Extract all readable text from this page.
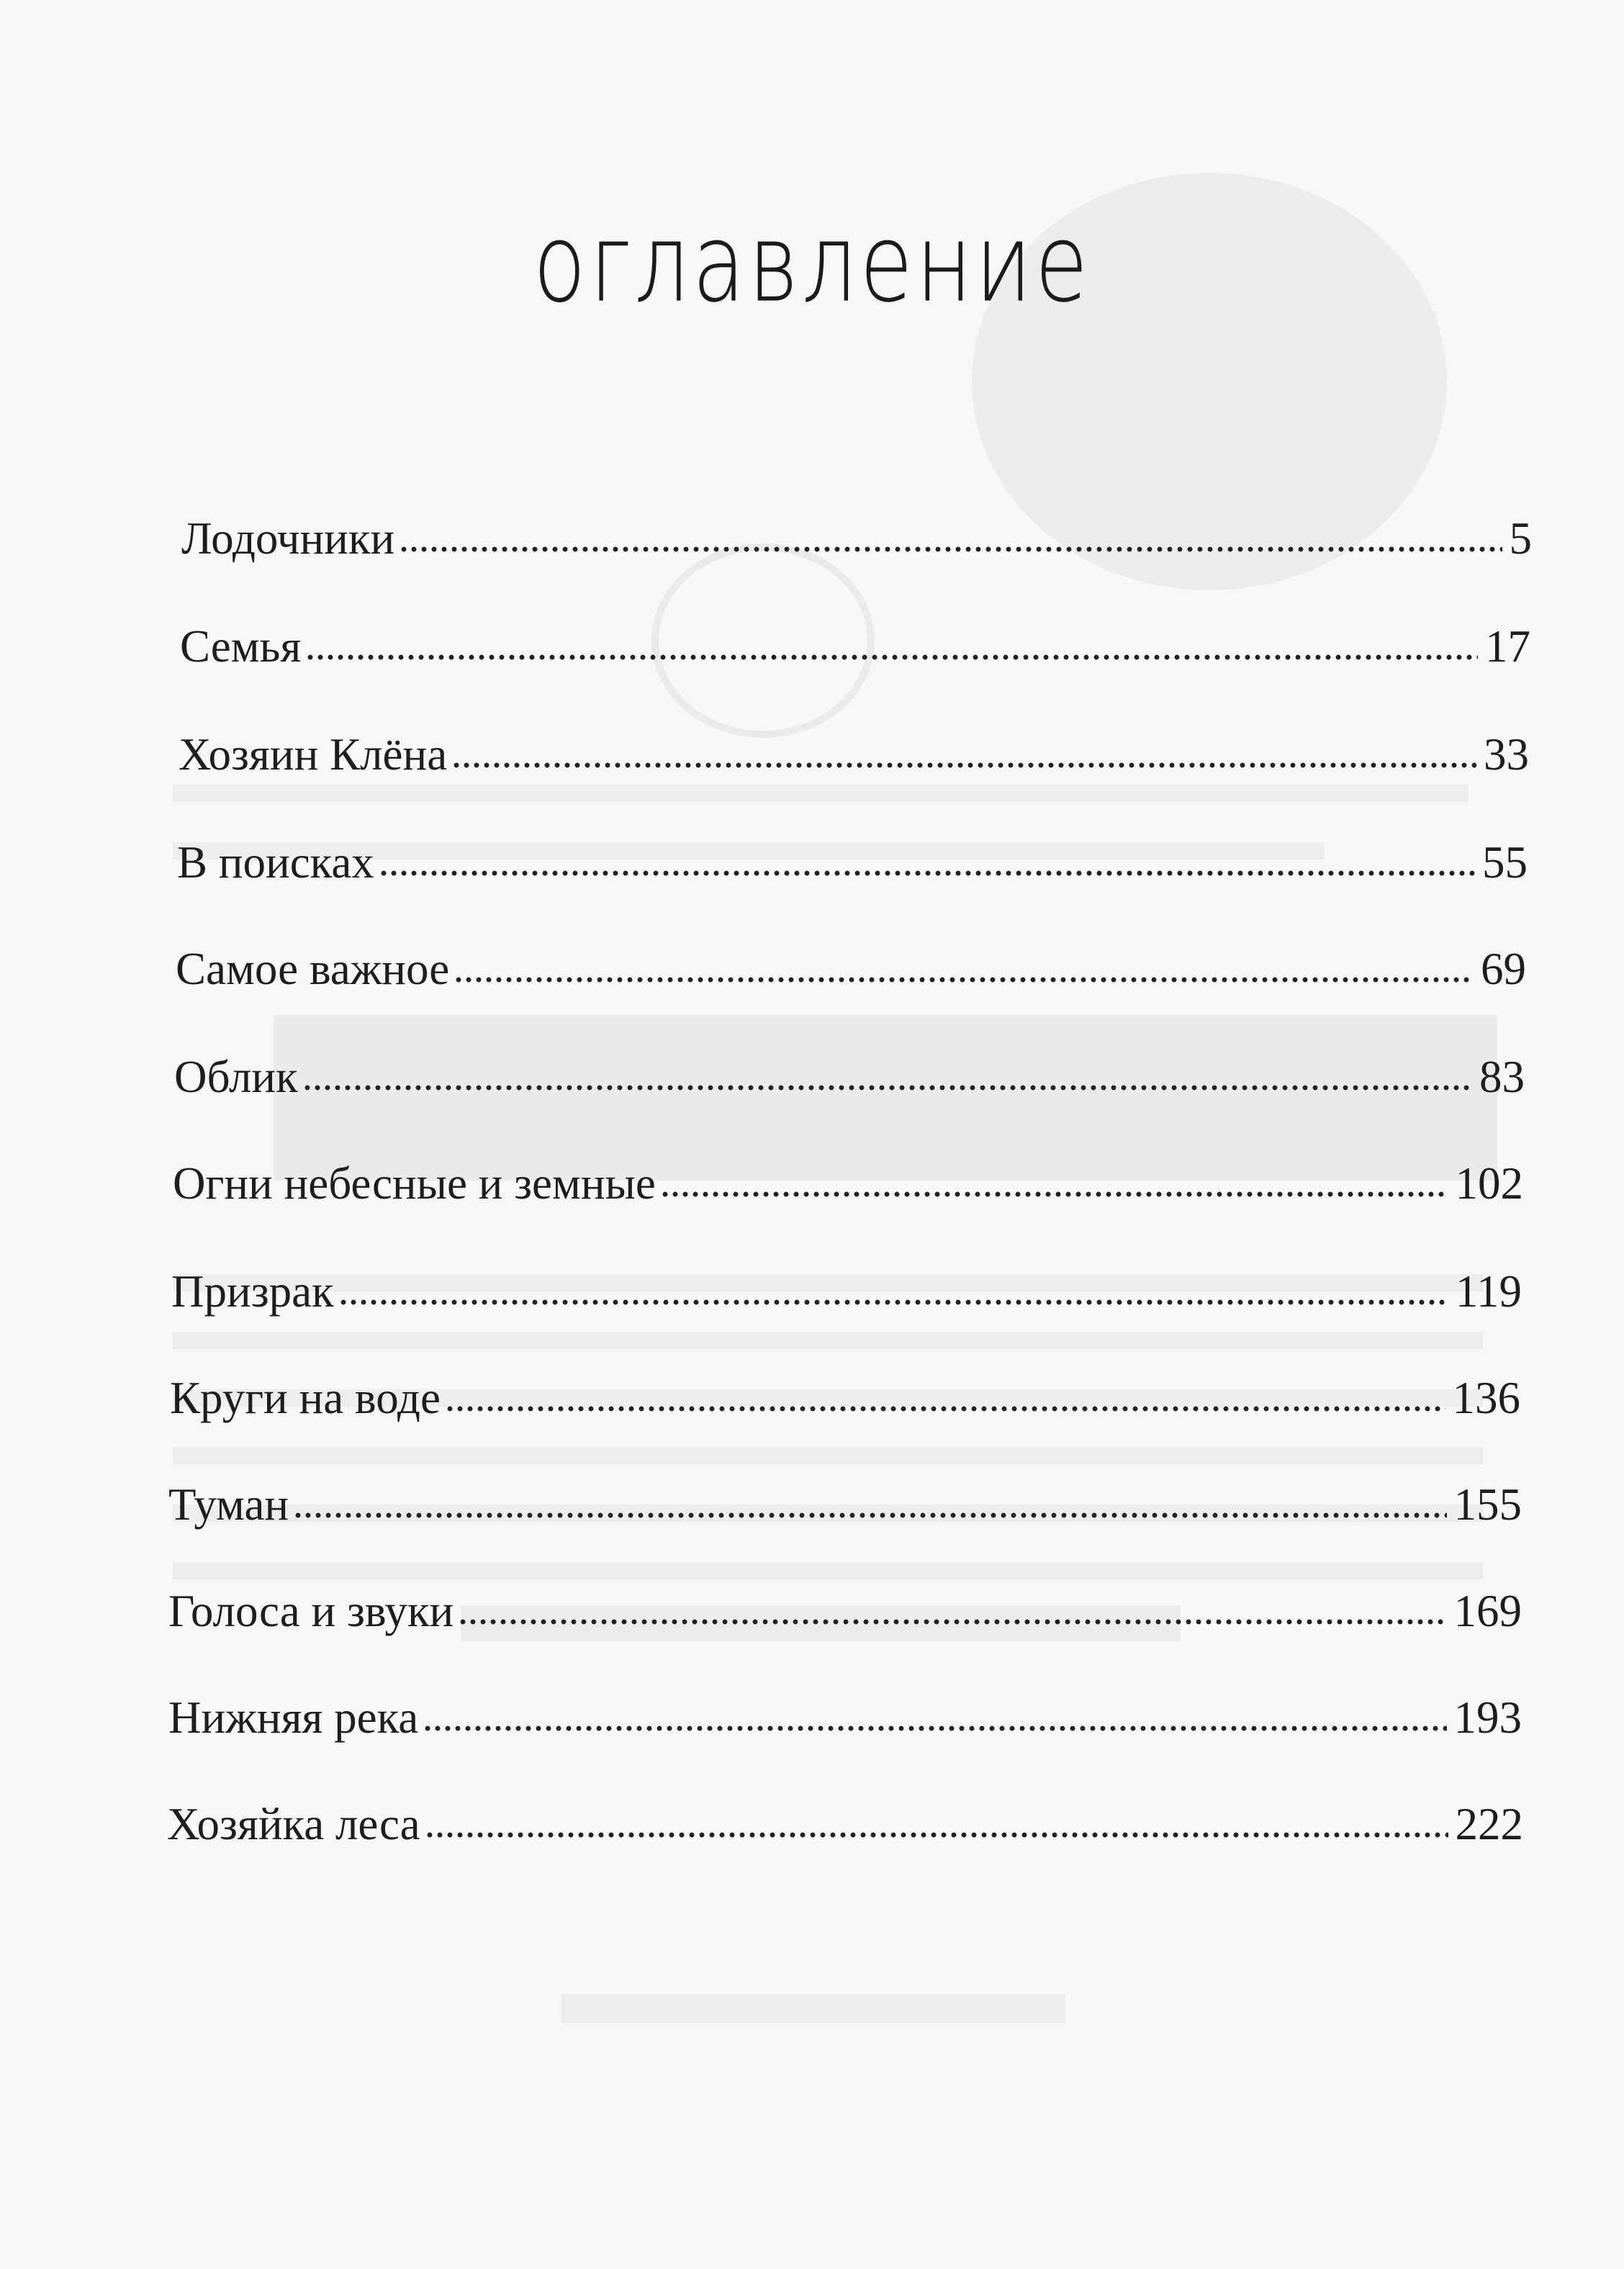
оглавление
Лодочники	5
Семья	17
Хозяин Клёна	33
В поисках	55
Самое важное	69
Облик	83
Огни небесные и земные	102
Призрак	119
Круги на воде	136
Туман	155
Голоса и звуки	169
Нижняя река	193
Хозяйка леса	222
